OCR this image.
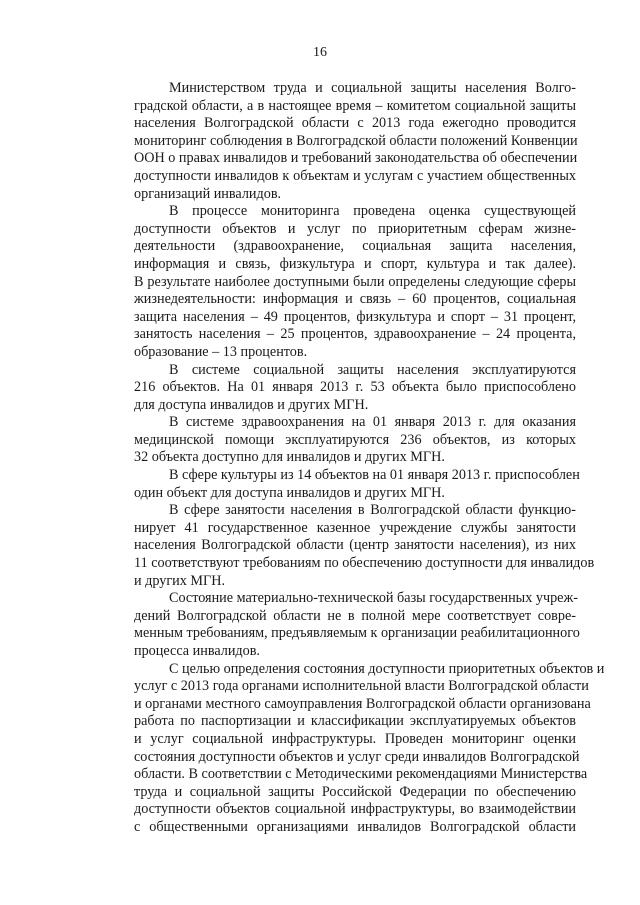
16
Министерством труда и социальной защиты населения Волго-
градской области, а в настоящее время – комитетом социальной защиты
населения Волгоградской области с 2013 года ежегодно проводится
мониторинг соблюдения в Волгоградской области положений Конвенции
ООН о правах инвалидов и требований законодательства об обеспечении
доступности инвалидов к объектам и услугам с участием общественных
организаций инвалидов.
В процессе мониторинга проведена оценка существующей
доступности объектов и услуг по приоритетным сферам жизне-
деятельности (здравоохранение, социальная защита населения,
информация и связь, физкультура и спорт, культура и так далее).
В результате наиболее доступными были определены следующие сферы
жизнедеятельности: информация и связь – 60 процентов, социальная
защита населения – 49 процентов, физкультура и спорт – 31 процент,
занятость населения – 25 процентов, здравоохранение – 24 процента,
образование – 13 процентов.
В системе социальной защиты населения эксплуатируются
216 объектов. На 01 января 2013 г. 53 объекта было приспособлено
для доступа инвалидов и других МГН.
В системе здравоохранения на 01 января 2013 г. для оказания
медицинской помощи эксплуатируются 236 объектов, из которых
32 объекта доступно для инвалидов и других МГН.
В сфере культуры из 14 объектов на 01 января 2013 г. приспособлен
один объект для доступа инвалидов и других МГН.
В сфере занятости населения в Волгоградской области функцио-
нирует 41 государственное казенное учреждение службы занятости
населения Волгоградской области (центр занятости населения), из них
11 соответствуют требованиям по обеспечению доступности для инвалидов
и других МГН.
Состояние материально-технической базы государственных учреж-
дений Волгоградской области не в полной мере соответствует совре-
менным требованиям, предъявляемым к организации реабилитационного
процесса инвалидов.
С целью определения состояния доступности приоритетных объектов и
услуг с 2013 года органами исполнительной власти Волгоградской области
и органами местного самоуправления Волгоградской области организована
работа по паспортизации и классификации эксплуатируемых объектов
и услуг социальной инфраструктуры. Проведен мониторинг оценки
состояния доступности объектов и услуг среди инвалидов Волгоградской
области. В соответствии с Методическими рекомендациями Министерства
труда и социальной защиты Российской Федерации по обеспечению
доступности объектов социальной инфраструктуры, во взаимодействии
с общественными организациями инвалидов Волгоградской области
